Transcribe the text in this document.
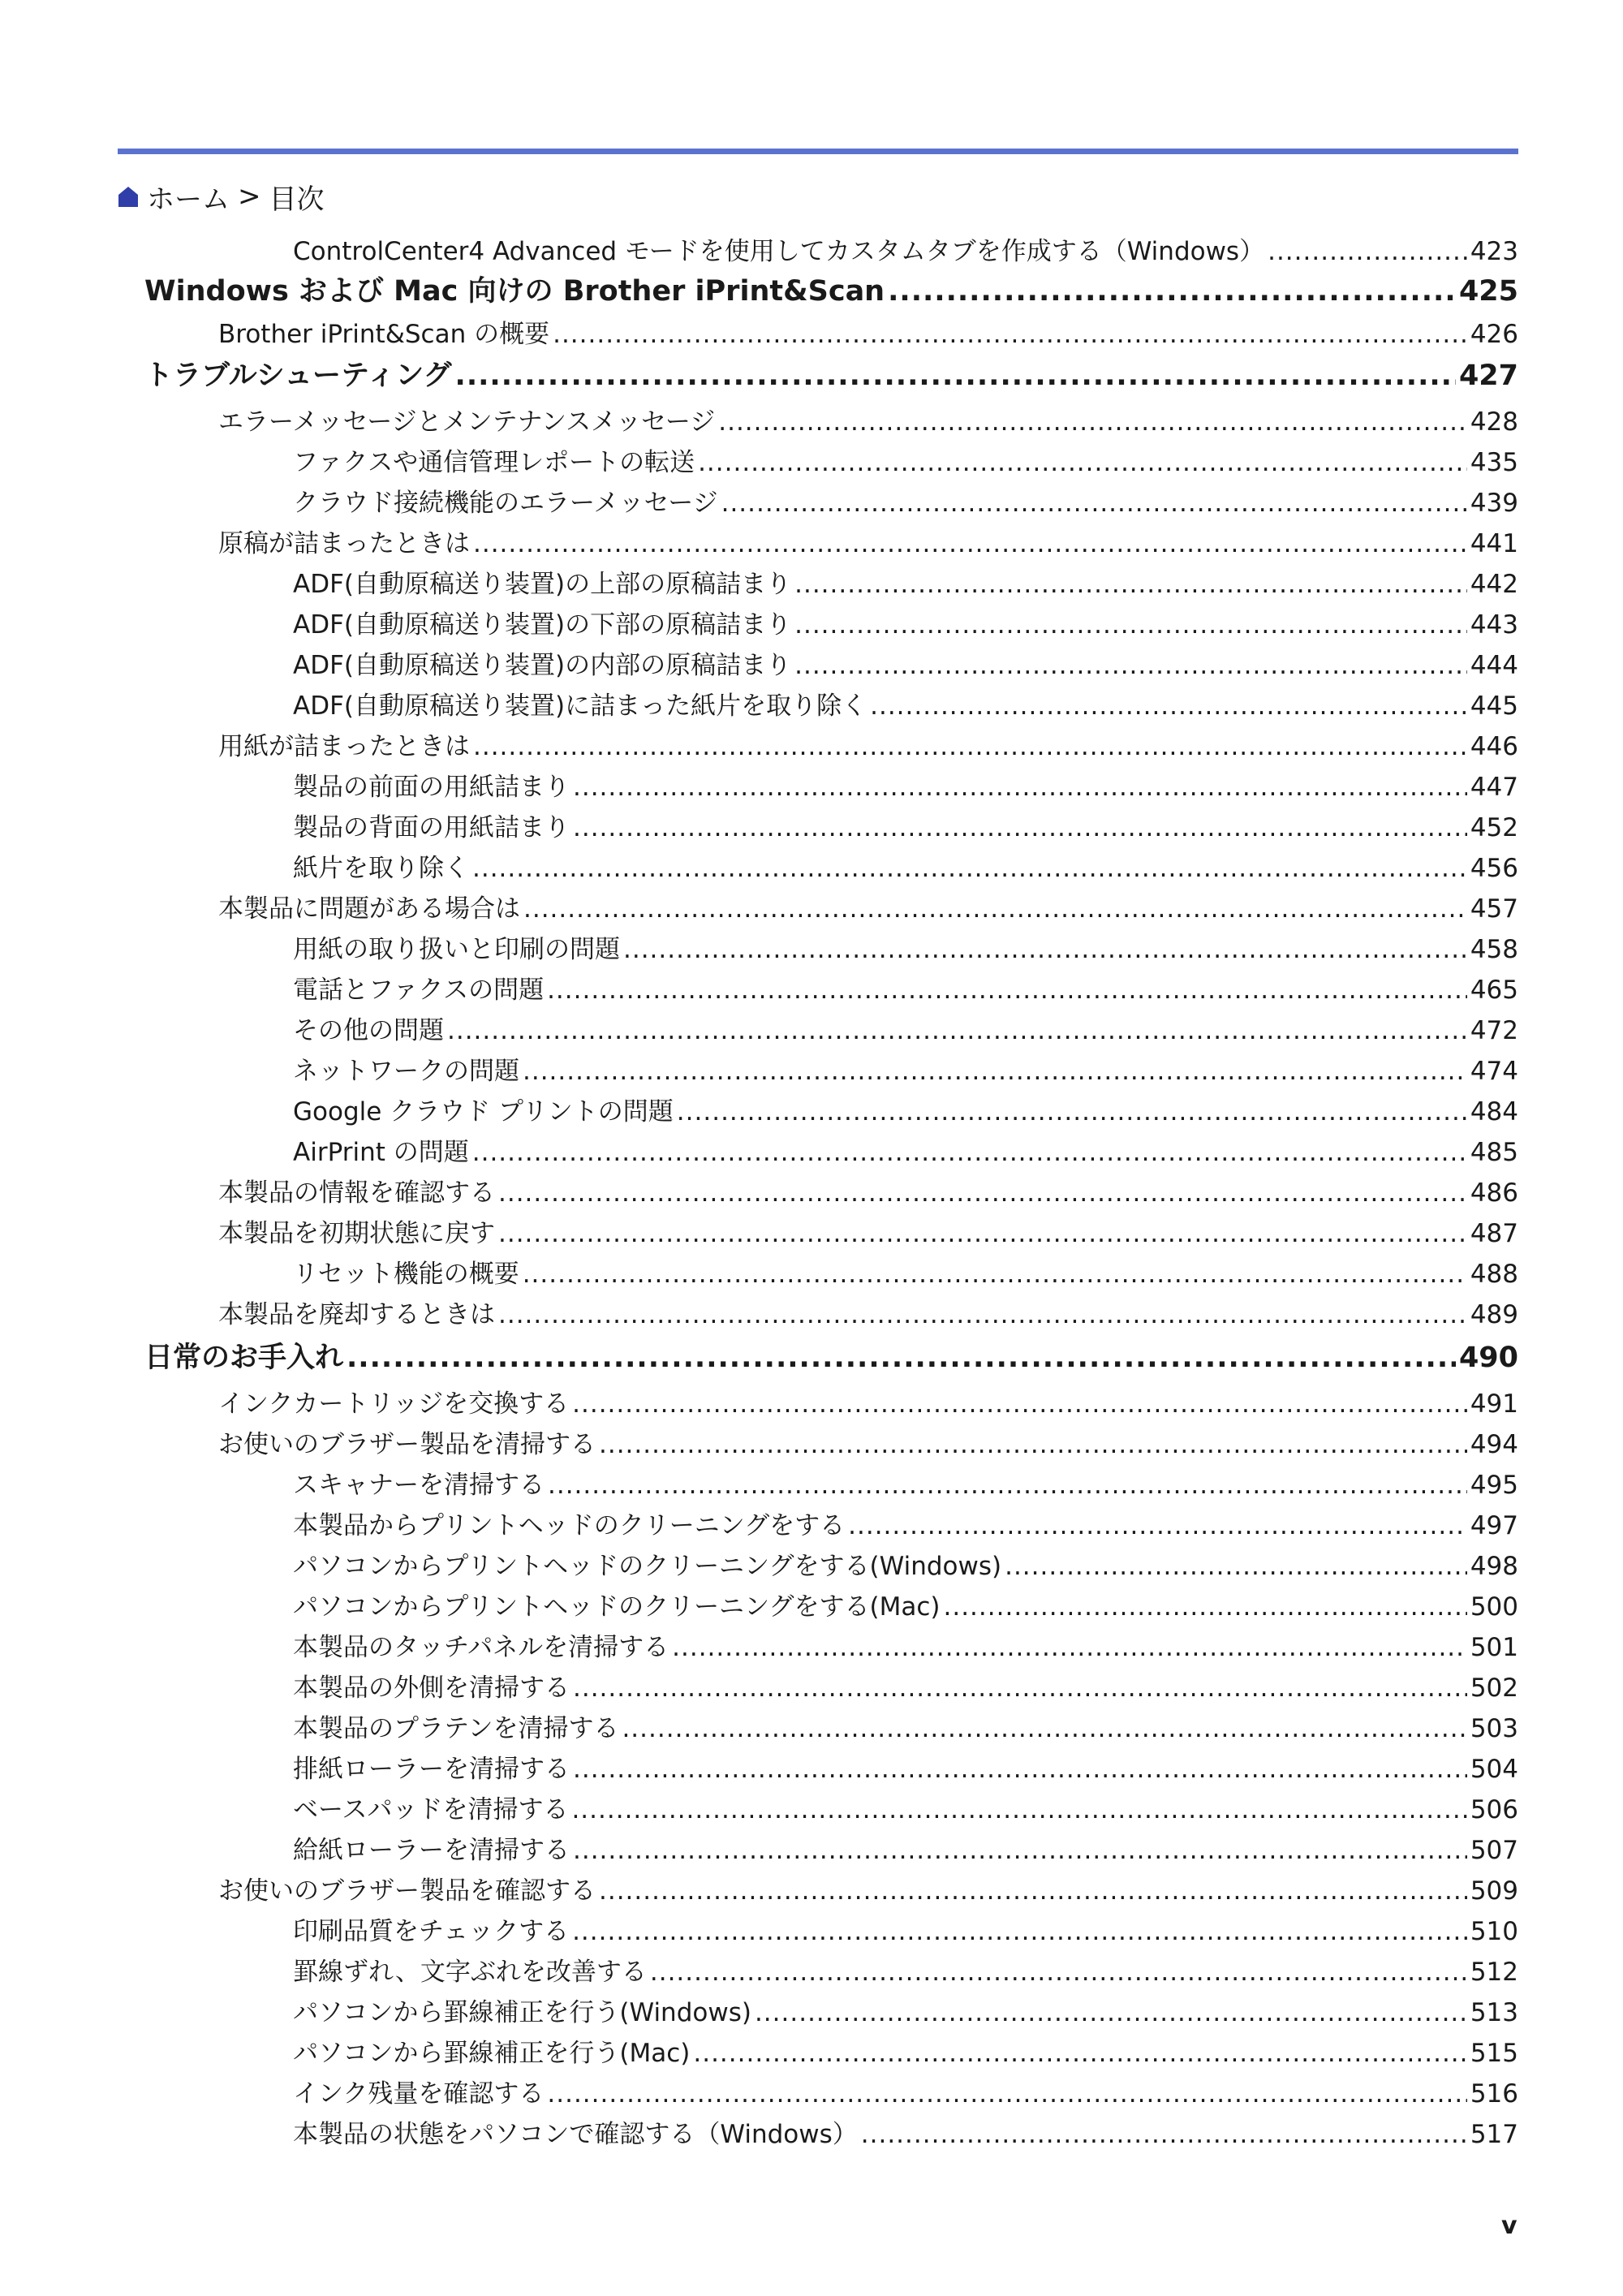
ホーム > 目次
ControlCenter4 Advanced モードを使用してカスタムタブを作成する（Windows） .....	423
Windows および Mac 向けの Brother iPrint&Scan .....	425
Brother iPrint&Scan の概要 .....	426
トラブルシューティング .....	427
エラーメッセージとメンテナンスメッセージ .....	428
ファクスや通信管理レポートの転送 .....	435
クラウド接続機能のエラーメッセージ .....	439
原稿が詰まったときは .....	441
ADF(自動原稿送り装置)の上部の原稿詰まり .....	442
ADF(自動原稿送り装置)の下部の原稿詰まり .....	443
ADF(自動原稿送り装置)の内部の原稿詰まり .....	444
ADF(自動原稿送り装置)に詰まった紙片を取り除く .....	445
用紙が詰まったときは .....	446
製品の前面の用紙詰まり .....	447
製品の背面の用紙詰まり .....	452
紙片を取り除く .....	456
本製品に問題がある場合は .....	457
用紙の取り扱いと印刷の問題 .....	458
電話とファクスの問題 .....	465
その他の問題 .....	472
ネットワークの問題 .....	474
Google クラウド プリントの問題 .....	484
AirPrint の問題 .....	485
本製品の情報を確認する .....	486
本製品を初期状態に戻す .....	487
リセット機能の概要 .....	488
本製品を廃却するときは .....	489
日常のお手入れ .....	490
インクカートリッジを交換する .....	491
お使いのブラザー製品を清掃する .....	494
スキャナーを清掃する .....	495
本製品からプリントヘッドのクリーニングをする .....	497
パソコンからプリントヘッドのクリーニングをする(Windows) .....	498
パソコンからプリントヘッドのクリーニングをする(Mac) .....	500
本製品のタッチパネルを清掃する .....	501
本製品の外側を清掃する .....	502
本製品のプラテンを清掃する .....	503
排紙ローラーを清掃する .....	504
ベースパッドを清掃する .....	506
給紙ローラーを清掃する .....	507
お使いのブラザー製品を確認する .....	509
印刷品質をチェックする .....	510
罫線ずれ、文字ぶれを改善する .....	512
パソコンから罫線補正を行う(Windows) .....	513
パソコンから罫線補正を行う(Mac) .....	515
インク残量を確認する .....	516
本製品の状態をパソコンで確認する（Windows） .....	517
v
